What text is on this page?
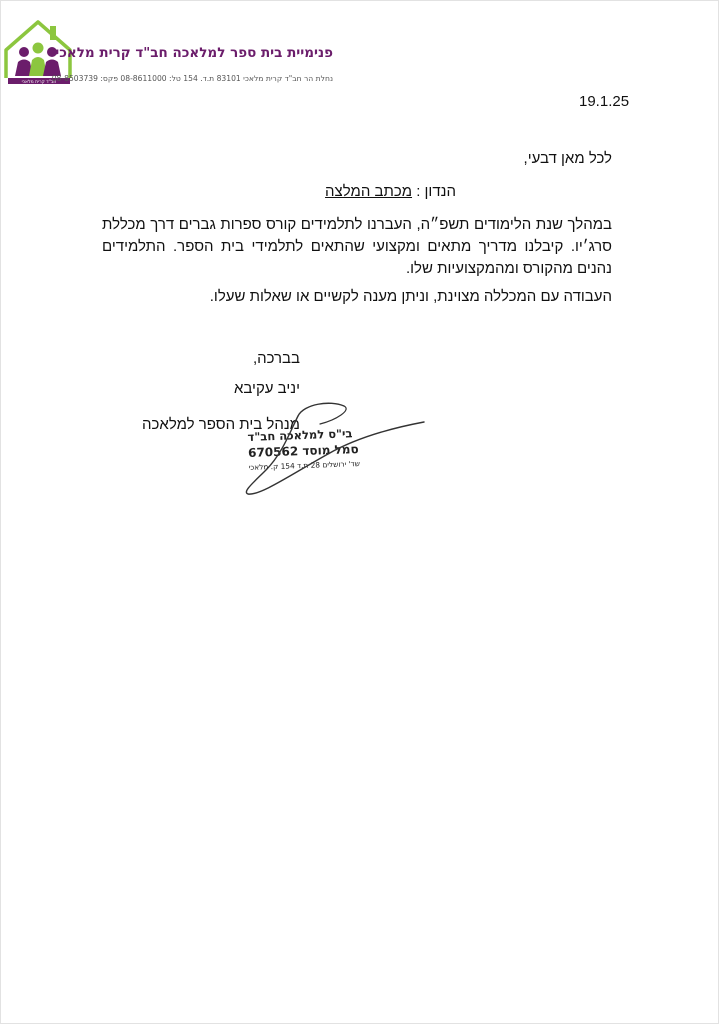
חב"ד קרית מלאכי
פנימיית בית ספר למלאכה חב"ד קרית מלאכי
נחלת הר חב"ד קרית מלאכי 83101 ת.ד. 154 טל: 08-8611000 פקס: 08-8503739
19.1.25
לכל מאן דבעי,
הנדון : מכתב המלצה
במהלך שנת הלימודים תשפ״ה, העברנו לתלמידים קורס ספרות גברים דרך מכללת סרג׳יו. קיבלנו מדריך מתאים ומקצועי שהתאים לתלמידי בית הספר. התלמידים נהנים מהקורס ומהמקצועיות שלו.
העבודה עם המכללה מצוינת, וניתן מענה לקשיים או שאלות שעלו.
בברכה,
יניב עקיבא
מנהל בית הספר למלאכה
בי"ס למלאכה חב"ד
סמל מוסד 670562
שד' ירושלים 28 ת.ד 154 ק. מלאכי
